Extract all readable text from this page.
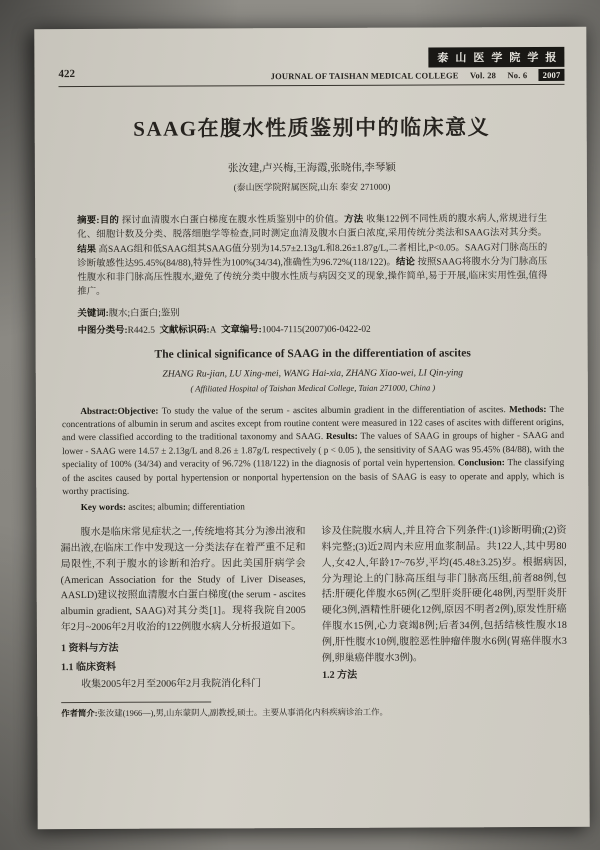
422
泰山医学院学报
JOURNAL OF TAISHAN MEDICAL COLLEGE Vol. 28 No. 6 2007
SAAG在腹水性质鉴别中的临床意义
张汝建,卢兴梅,王海霞,张晓伟,李琴颖
(泰山医学院附属医院,山东 泰安 271000)

摘要:目的 探讨血清腹水白蛋白梯度在腹水性质鉴别中的价值。方法 收集122例不同性质的腹水病人,常规进行生化、细胞计数及分类、脱落细胞学等检查,同时测定血清及腹水白蛋白浓度,采用传统分类法和SAAG法对其分类。结果 高SAAG组和低SAAG组其SAAG值分别为14.57±2.13g/L和8.26±1.87g/L,二者相比,P<0.05。SAAG对门脉高压的诊断敏感性达95.45%(84/88),特异性为100%(34/34),准确性为96.72%(118/122)。结论 按照SAAG将腹水分为门脉高压性腹水和非门脉高压性腹水,避免了传统分类中腹水性质与病因交叉的现象,操作简单,易于开展,临床实用性强,值得推广。

关键词:腹水;白蛋白;鉴别

中图分类号:R442.5 文献标识码:A 文章编号:1004-7115(2007)06-0422-02

The clinical significance of SAAG in the differentiation of ascites
ZHANG Ru-jian, LU Xing-mei, WANG Hai-xia, ZHANG Xiao-wei, LI Qin-ying
( Affiliated Hospital of Taishan Medical College, Taian 271000, China )

Abstract:Objective: To study the value of the serum - ascites albumin gradient in the differentiation of ascites. Methods: The concentrations of albumin in serum and ascites except from routine content were measured in 122 cases of ascites with different origins, and were classified according to the traditional taxonomy and SAAG. Results: The values of SAAG in groups of higher - SAAG and lower - SAAG were 14.57 ± 2.13g/L and 8.26 ± 1.87g/L respectively ( p < 0.05 ), the sensitivity of SAAG was 95.45% (84/88), with the speciality of 100% (34/34) and veracity of 96.72% (118/122) in the diagnosis of portal vein hypertension. Conclusion: The classifying of the ascites caused by portal hypertension or nonportal hypertension on the basis of SAAG is easy to operate and apply, which is worthy practising.

Key words: ascites; albumin; differentiation

腹水是临床常见症状之一,传统地将其分为渗出液和漏出液,在临床工作中发现这一分类法存在着严重不足和局限性,不利于腹水的诊断和治疗。因此美国肝病学会(American Association for the Study of Liver Diseases, AASLD)建议按照血清腹水白蛋白梯度(the serum - ascites albumin gradient, SAAG)对其分类[1]。现将我院自2005年2月~2006年2月收治的122例腹水病人分析报道如下。

1 资料与方法
1.1 临床资料

收集2005年2月至2006年2月我院消化科门

诊及住院腹水病人,并且符合下列条件:(1)诊断明确;(2)资料完整;(3)近2周内未应用血浆制品。共122人,其中男80人,女42人,年龄17~76岁,平均(45.48±3.25)岁。根据病因,分为理论上的门脉高压组与非门脉高压组,前者88例,包括:肝硬化伴腹水65例(乙型肝炎肝硬化48例,丙型肝炎肝硬化3例,酒精性肝硬化12例,原因不明者2例),原发性肝癌伴腹水15例,心力衰竭8例;后者34例,包括结核性腹水18例,肝性腹水10例,腹腔恶性肿瘤伴腹水6例(胃癌伴腹水3例,卵巢癌伴腹水3例)。

1.2 方法

作者简介:张汝建(1966—),男,山东蒙阴人,副教授,硕士。主要从事消化内科疾病诊治工作。
